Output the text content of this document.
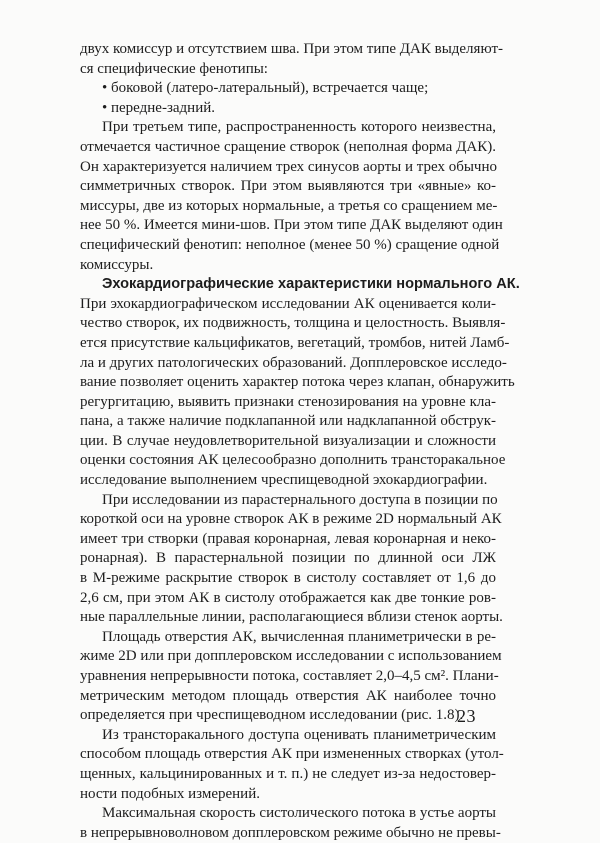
двух комиссур и отсутствием шва. При этом типе ДАК выделяют-
ся специфические фенотипы:
• боковой (латеро-латеральный), встречается чаще;
• передне-задний.
При третьем типе, распространенность которого неизвестна,
отмечается частичное сращение створок (неполная форма ДАК).
Он характеризуется наличием трех синусов аорты и трех обычно
симметричных створок. При этом выявляются три «явные» ко-
миссуры, две из которых нормальные, а третья со сращением ме-
нее 50 %. Имеется мини-шов. При этом типе ДАК выделяют один
специфический фенотип: неполное (менее 50 %) сращение одной
комиссуры.
Эхокардиографические характеристики нормального АК.
При эхокардиографическом исследовании АК оценивается коли-
чество створок, их подвижность, толщина и целостность. Выявля-
ется присутствие кальцификатов, вегетаций, тромбов, нитей Ламб-
ла и других патологических образований. Допплеровское исследо-
вание позволяет оценить характер потока через клапан, обнаружить
регургитацию, выявить признаки стенозирования на уровне кла-
пана, а также наличие подклапанной или надклапанной обструк-
ции. В случае неудовлетворительной визуализации и сложности
оценки состояния АК целесообразно дополнить трансторакальное
исследование выполнением чреспищеводной эхокардиографии.
При исследовании из парастернального доступа в позиции по
короткой оси на уровне створок АК в режиме 2D нормальный АК
имеет три створки (правая коронарная, левая коронарная и неко-
ронарная). В парастернальной позиции по длинной оси ЛЖ
в М-режиме раскрытие створок в систолу составляет от 1,6 до
2,6 см, при этом АК в систолу отображается как две тонкие ров-
ные параллельные линии, располагающиеся вблизи стенок аорты.
Площадь отверстия АК, вычисленная планиметрически в ре-
жиме 2D или при допплеровском исследовании с использованием
уравнения непрерывности потока, составляет 2,0–4,5 см². Плани-
метрическим методом площадь отверстия АК наиболее точно
определяется при чреспищеводном исследовании (рис. 1.8).
Из трансторакального доступа оценивать планиметрическим
способом площадь отверстия АК при измененных створках (утол-
щенных, кальцинированных и т. п.) не следует из-за недостовер-
ности подобных измерений.
Максимальная скорость систолического потока в устье аорты
в непрерывноволновом допплеровском режиме обычно не превы-
23
